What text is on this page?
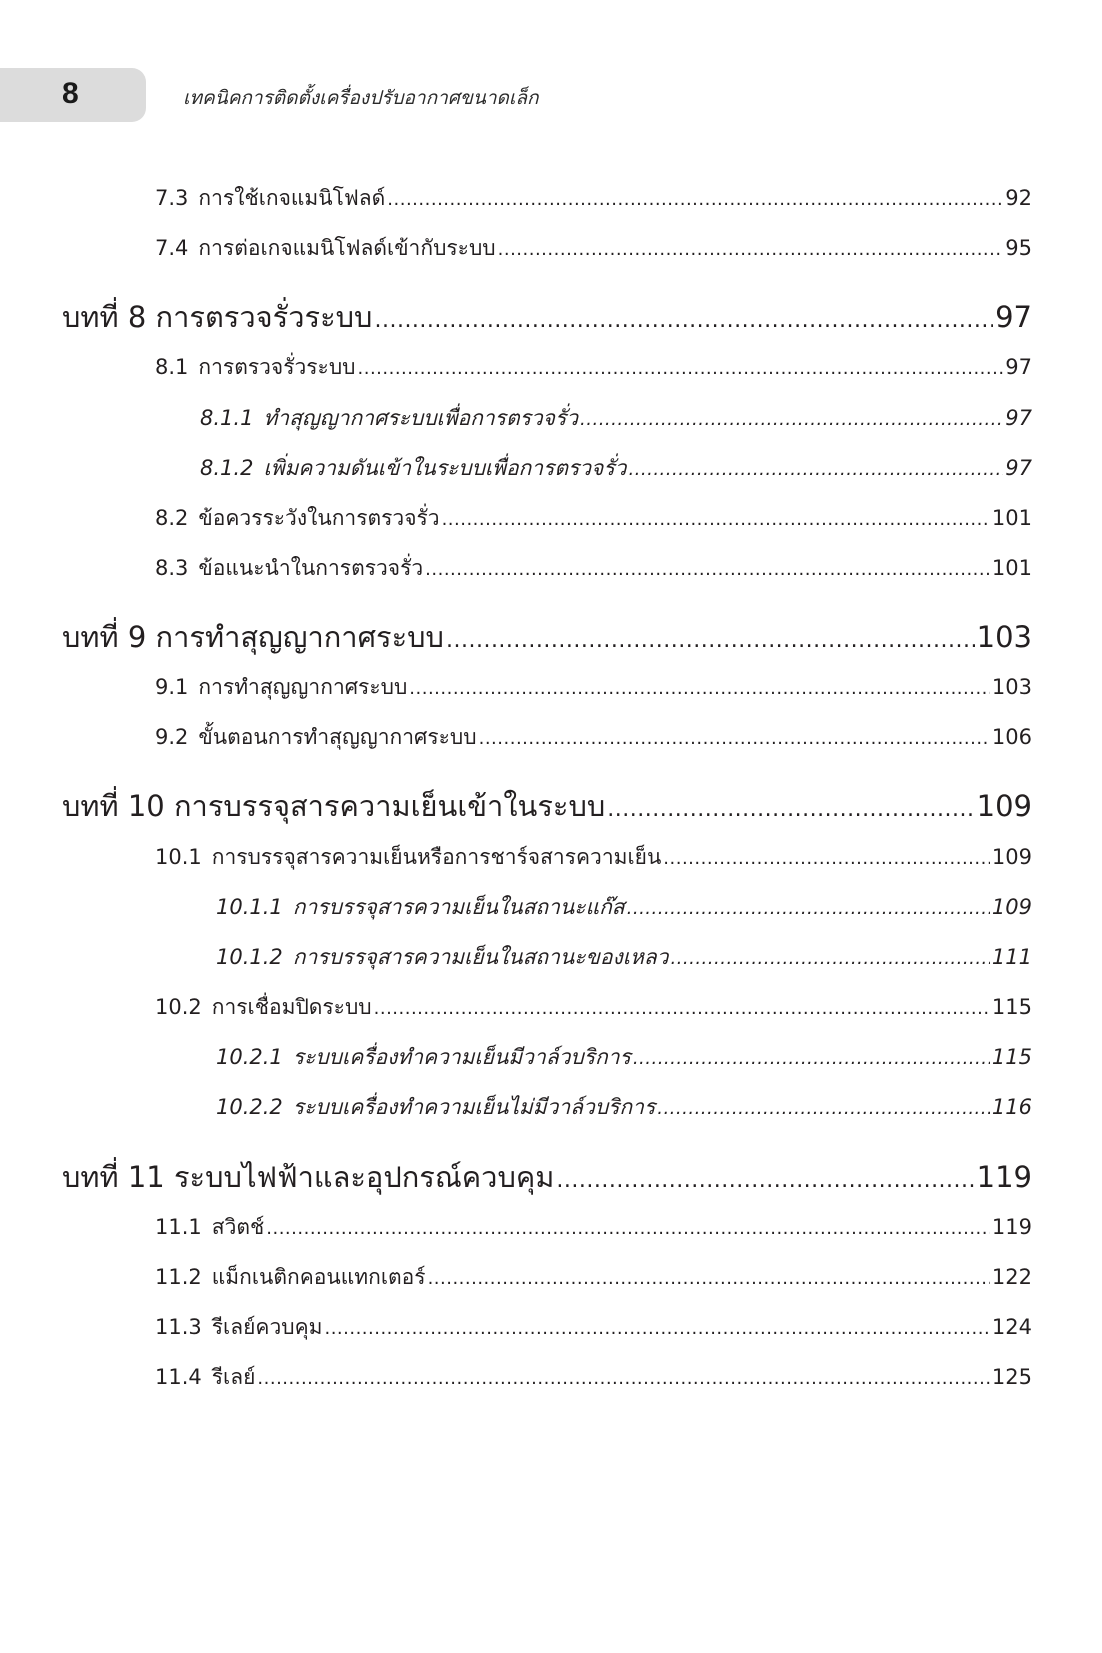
8	เทคนิคการติดตั้งเครื่องปรับอากาศขนาดเล็ก
7.3 การใช้เกจแมนิโฟลด์ .....	92
7.4 การต่อเกจแมนิโฟลด์เข้ากับระบบ .....	95
บทที่ 8 การตรวจรั่วระบบ .....	97
8.1 การตรวจรั่วระบบ .....	97
8.1.1 ทำสุญญากาศระบบเพื่อการตรวจรั่ว .....	97
8.1.2 เพิ่มความดันเข้าในระบบเพื่อการตรวจรั่ว .....	97
8.2 ข้อควรระวังในการตรวจรั่ว .....	101
8.3 ข้อแนะนำในการตรวจรั่ว .....	101
บทที่ 9 การทำสุญญากาศระบบ .....	103
9.1 การทำสุญญากาศระบบ .....	103
9.2 ขั้นตอนการทำสุญญากาศระบบ .....	106
บทที่ 10 การบรรจุสารความเย็นเข้าในระบบ .....	109
10.1 การบรรจุสารความเย็นหรือการชาร์จสารความเย็น .....	109
10.1.1 การบรรจุสารความเย็นในสถานะแก๊ส .....	109
10.1.2 การบรรจุสารความเย็นในสถานะของเหลว .....	111
10.2 การเชื่อมปิดระบบ .....	115
10.2.1 ระบบเครื่องทำความเย็นมีวาล์วบริการ .....	115
10.2.2 ระบบเครื่องทำความเย็นไม่มีวาล์วบริการ .....	116
บทที่ 11 ระบบไฟฟ้าและอุปกรณ์ควบคุม .....	119
11.1 สวิตช์ .....	119
11.2 แม็กเนติกคอนแทกเตอร์ .....	122
11.3 รีเลย์ควบคุม .....	124
11.4 รีเลย์ .....	125
